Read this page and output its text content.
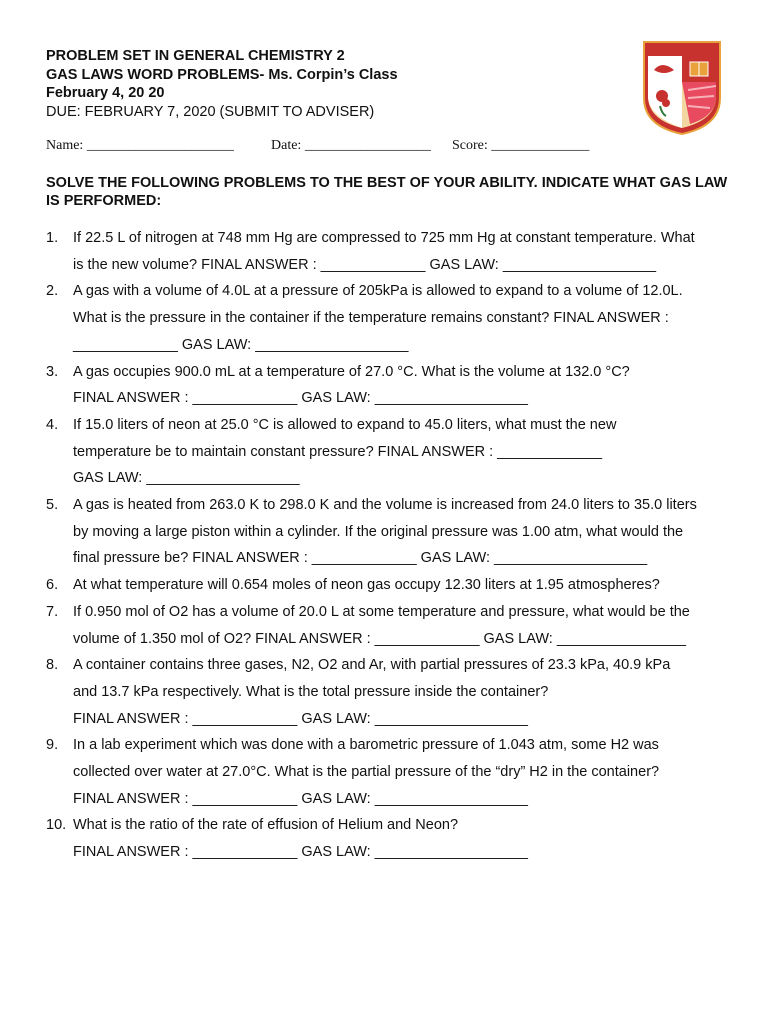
PROBLEM SET IN GENERAL CHEMISTRY 2
GAS LAWS WORD PROBLEMS- Ms. Corpin’s Class
February 4, 20 20
DUE: FEBRUARY 7, 2020 (SUBMIT TO ADVISER)
Name: _____________________	Date: __________________ Score: ______________
SOLVE THE FOLLOWING PROBLEMS TO THE BEST OF YOUR ABILITY. INDICATE WHAT GAS LAW IS PERFORMED:
1.	If 22.5 L of nitrogen at 748 mm Hg are compressed to 725 mm Hg at constant temperature. What
is the new volume? FINAL ANSWER : _____________ GAS LAW: ___________________
2.	A gas with a volume of 4.0L at a pressure of 205kPa is allowed to expand to a volume of 12.0L.
What is the pressure in the container if the temperature remains constant? FINAL ANSWER :
_____________ GAS LAW: ___________________
3.	A gas occupies 900.0 mL at a temperature of 27.0 °C. What is the volume at 132.0 °C?
FINAL ANSWER : _____________ GAS LAW: ___________________
4.	If 15.0 liters of neon at 25.0 °C is allowed to expand to 45.0 liters, what must the new
temperature be to maintain constant pressure? FINAL ANSWER : _____________
GAS LAW: ___________________
5.	A gas is heated from 263.0 K to 298.0 K and the volume is increased from 24.0 liters to 35.0 liters
by moving a large piston within a cylinder. If the original pressure was 1.00 atm, what would the
final pressure be? FINAL ANSWER : _____________ GAS LAW: ___________________
6.	At what temperature will 0.654 moles of neon gas occupy 12.30 liters at 1.95 atmospheres?
7.	If 0.950 mol of O2 has a volume of 20.0 L at some temperature and pressure, what would be the
volume of 1.350 mol of O2? FINAL ANSWER : _____________ GAS LAW: ________________
8.	A container contains three gases, N2, O2 and Ar, with partial pressures of 23.3 kPa, 40.9 kPa
and 13.7 kPa respectively. What is the total pressure inside the container?
FINAL ANSWER : _____________ GAS LAW: ___________________
9.	In a lab experiment which was done with a barometric pressure of 1.043 atm, some H2 was
collected over water at 27.0°C. What is the partial pressure of the “dry” H2 in the container?
FINAL ANSWER : _____________ GAS LAW: ___________________
10. What is the ratio of the rate of effusion of Helium and Neon?
FINAL ANSWER : _____________ GAS LAW: ___________________
